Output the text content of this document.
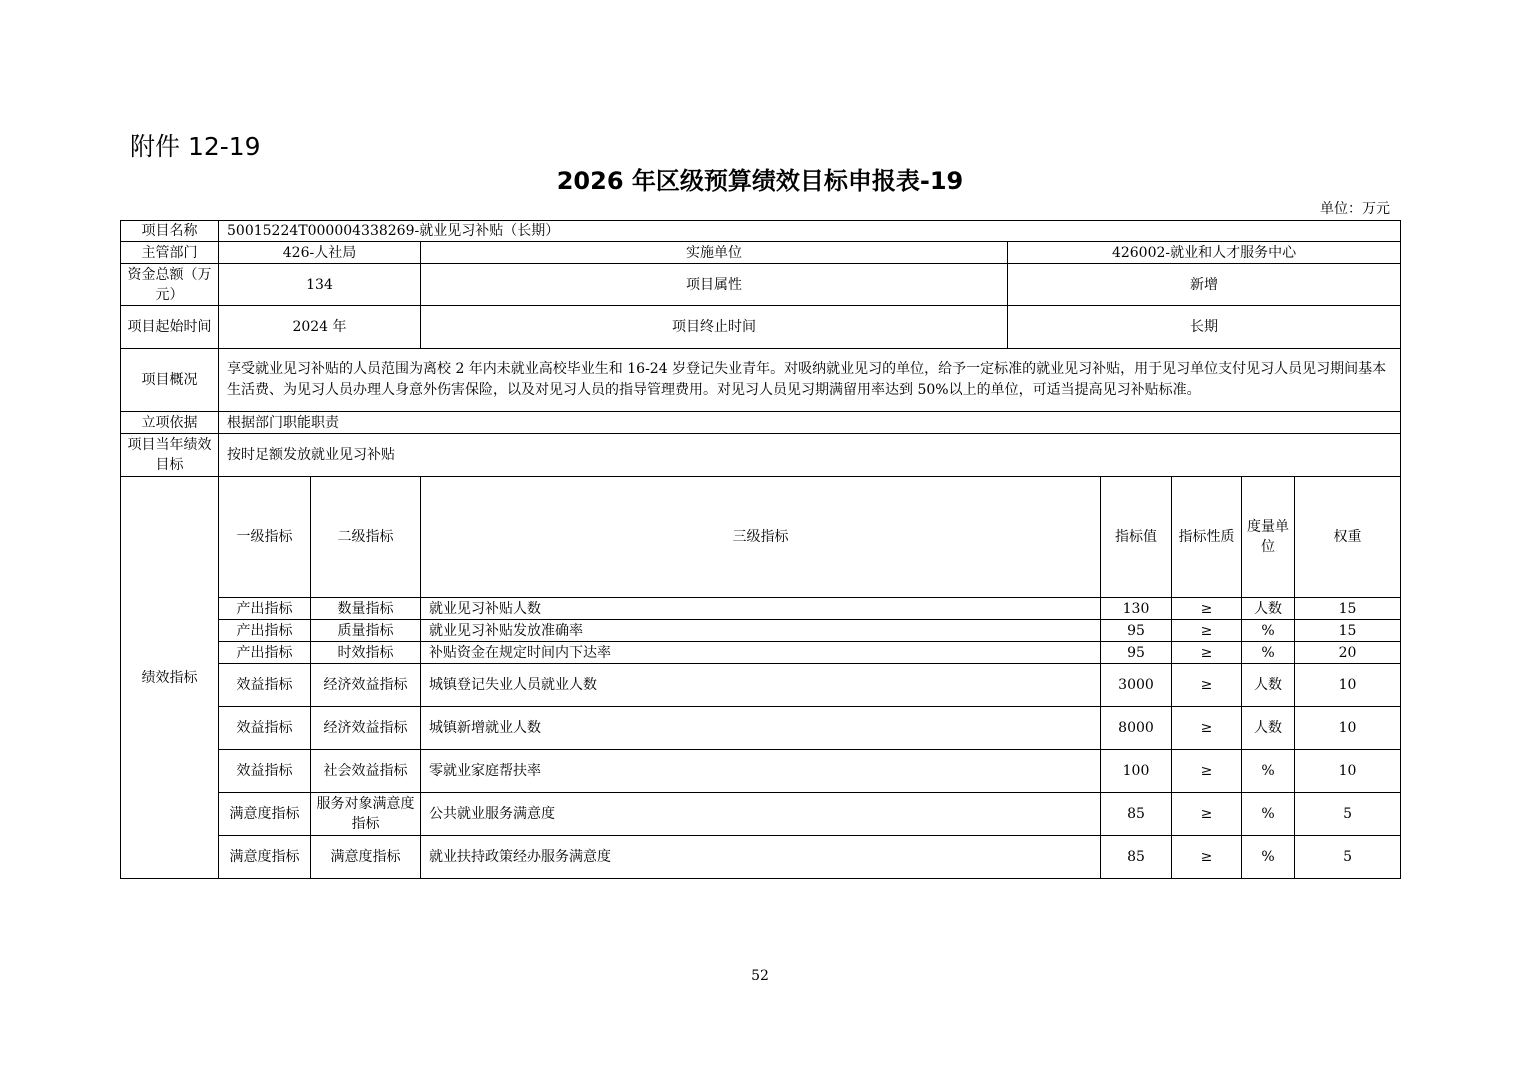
附件 12-19
2026 年区级预算绩效目标申报表-19
单位：万元
项目名称	50015224T000004338269-就业见习补贴（长期）								
主管部门	426-人社局		实施单位	426002-就业和人才服务中心					
资金总额（万元）	134		项目属性	新增					
项目起始时间	2024 年		项目终止时间	长期					
项目概况	享受就业见习补贴的人员范围为离校 2 年内未就业高校毕业生和 16-24 岁登记失业青年。对吸纳就业见习的单位，给予一定标准的就业见习补贴，用于见习单位支付见习人员见习期间基本生活费、为见习人员办理人身意外伤害保险，以及对见习人员的指导管理费用。对见习人员见习期满留用率达到 50%以上的单位，可适当提高见习补贴标准。								
立项依据	根据部门职能职责								
项目当年绩效目标	按时足额发放就业见习补贴								
绩效指标	一级指标	二级指标	三级指标		指标值	指标性质	度量单位	权重	
	产出指标	数量指标	就业见习补贴人数		130	≥	人数	15	
	产出指标	质量指标	就业见习补贴发放准确率		95	≥	%	15	
	产出指标	时效指标	补贴资金在规定时间内下达率		95	≥	%	20	
	效益指标	经济效益指标	城镇登记失业人员就业人数		3000	≥	人数	10	
	效益指标	经济效益指标	城镇新增就业人数		8000	≥	人数	10	
	效益指标	社会效益指标	零就业家庭帮扶率		100	≥	%	10	
	满意度指标	服务对象满意度指标	公共就业服务满意度		85	≥	%	5	
	满意度指标	满意度指标	就业扶持政策经办服务满意度		85	≥	%	5	
52
